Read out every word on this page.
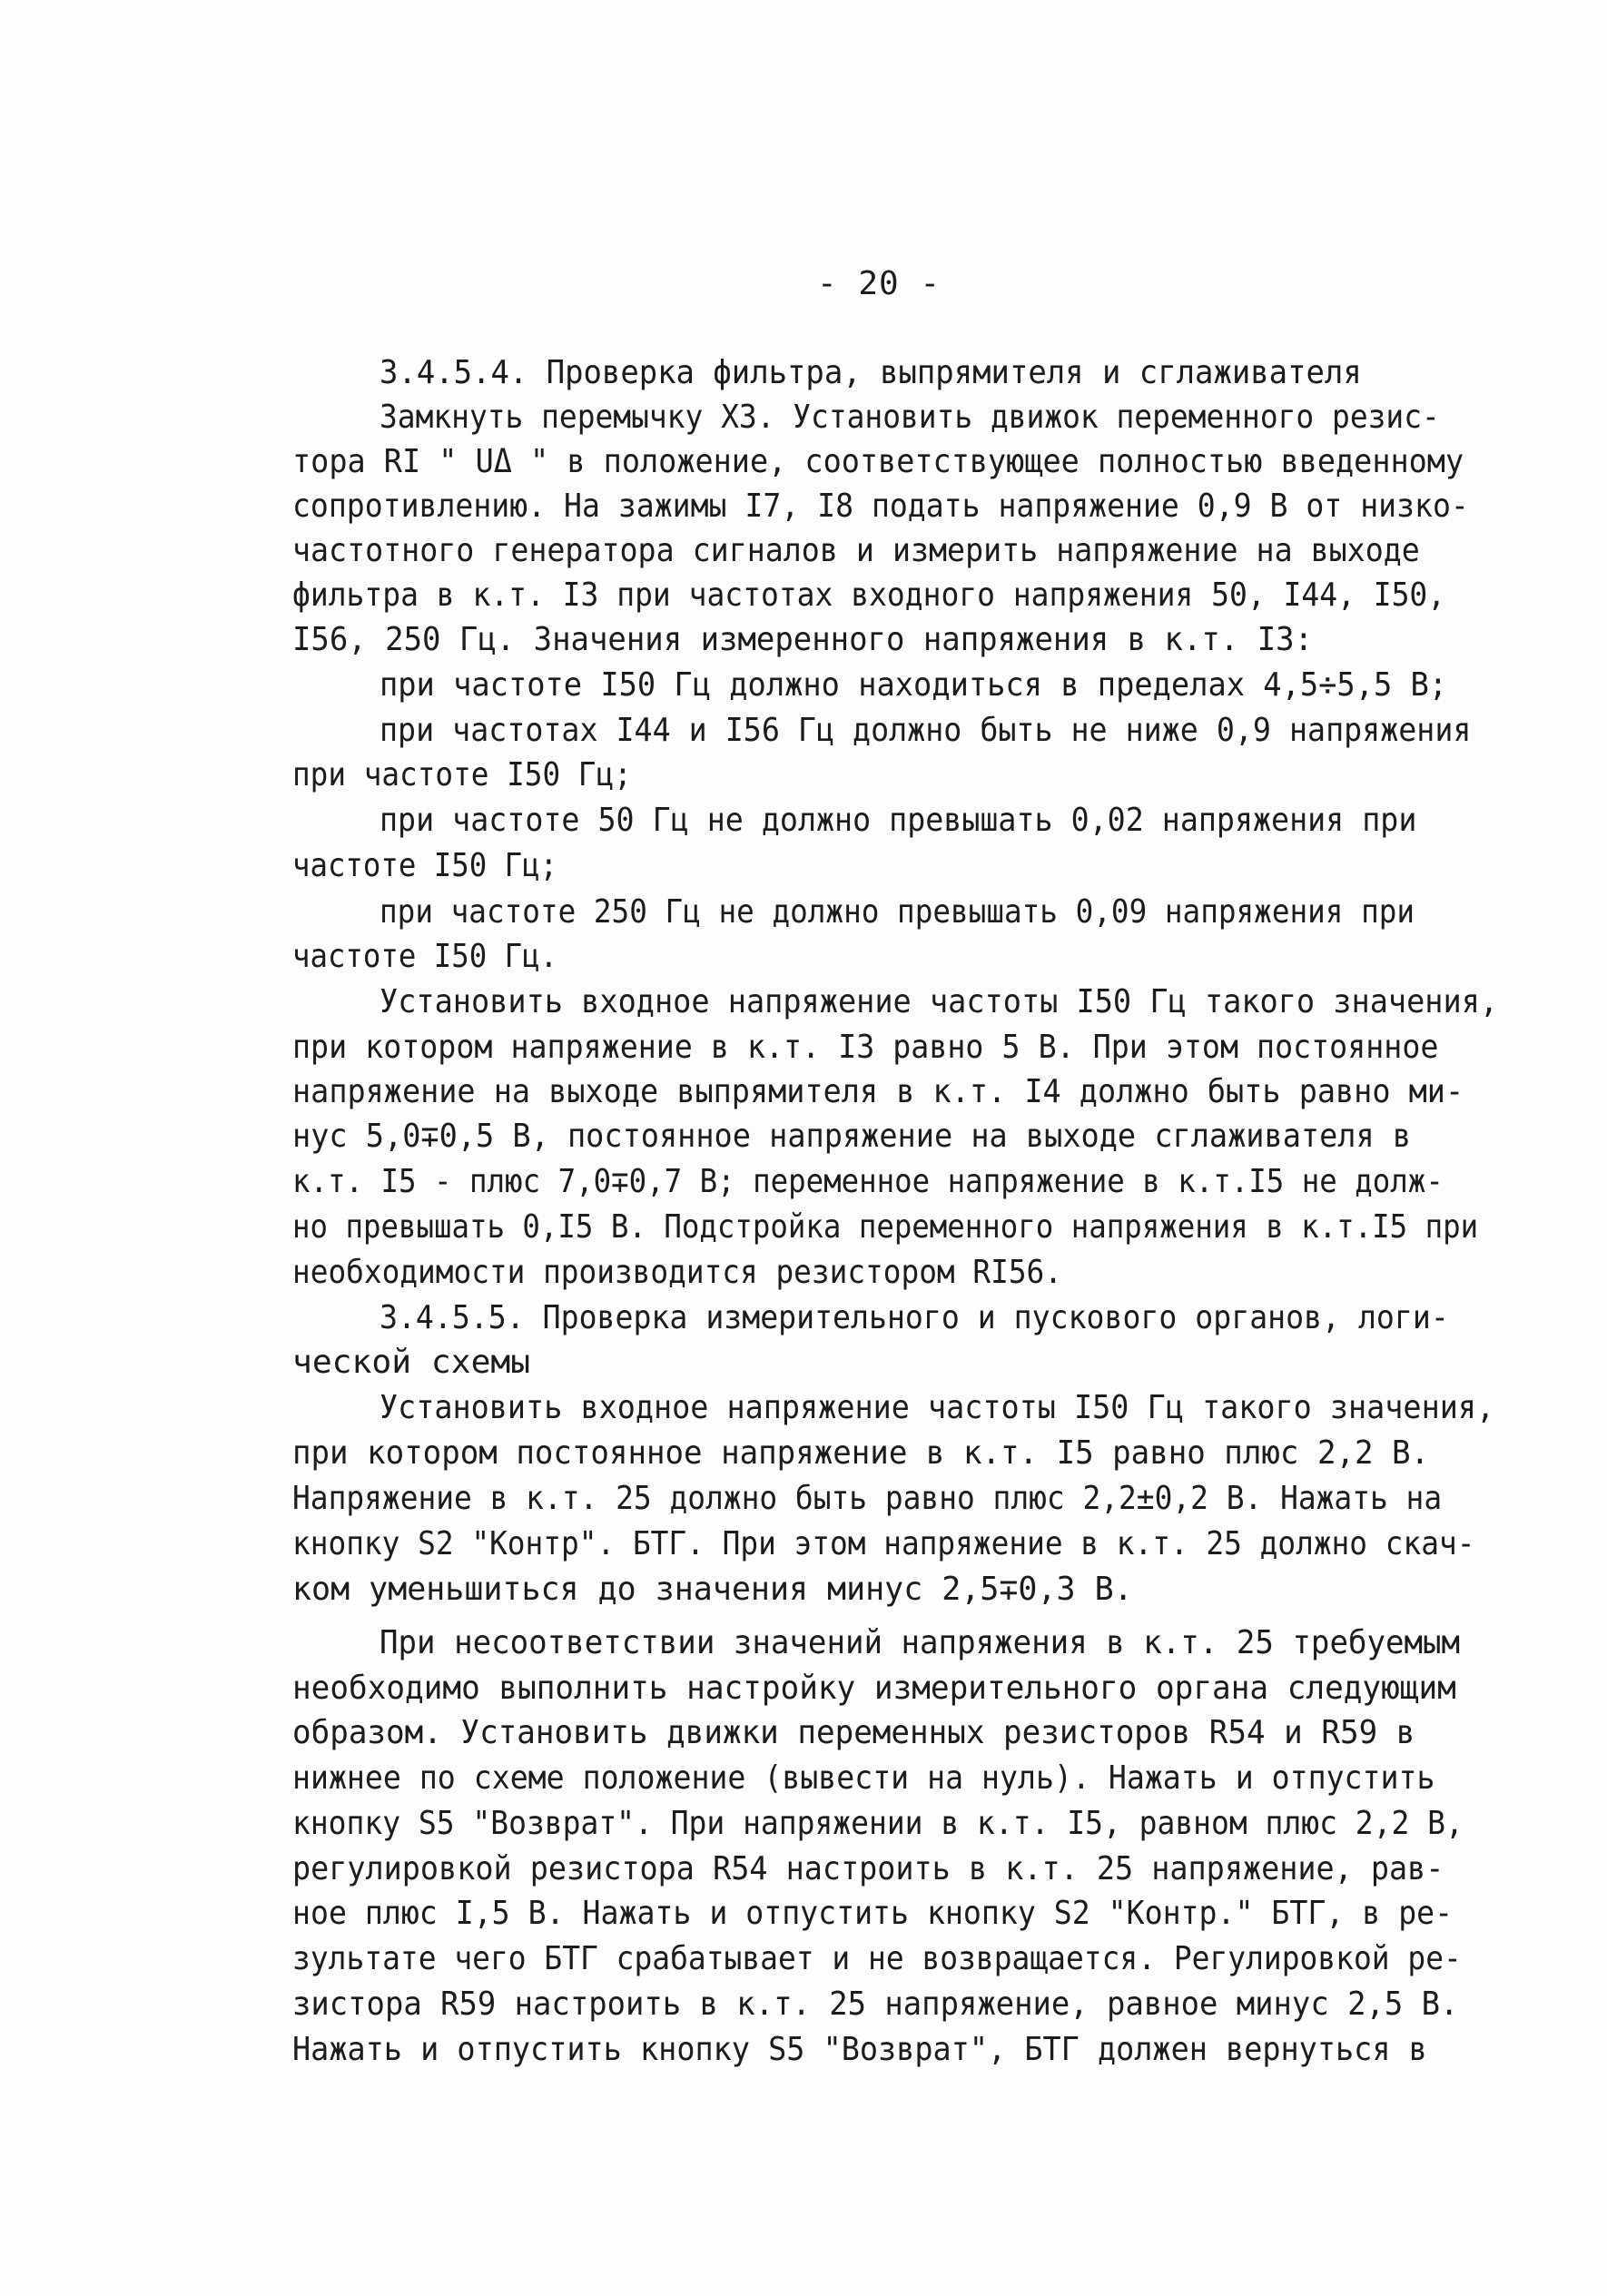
- 20 -
3.4.5.4. Проверка фильтра, выпрямителя и сглаживателя
Замкнуть перемычку ХЗ. Установить движок переменного резис-
тора RI " UΔ " в положение, соответствующее полностью введенному
сопротивлению. На зажимы I7, I8 подать напряжение 0,9 В от низко-
частотного генератора сигналов и измерить напряжение на выходе
фильтра в к.т. I3 при частотах входного напряжения 50, I44, I50,
I56, 250 Гц. Значения измеренного напряжения в к.т. I3:
при частоте I50 Гц должно находиться в пределах 4,5÷5,5 В;
при частотах I44 и I56 Гц должно быть не ниже 0,9 напряжения
при частоте I50 Гц;
при частоте 50 Гц не должно превышать 0,02 напряжения при
частоте I50 Гц;
при частоте 250 Гц не должно превышать 0,09 напряжения при
частоте I50 Гц.
Установить входное напряжение частоты I50 Гц такого значения,
при котором напряжение в к.т. I3 равно 5 В. При этом постоянное
напряжение на выходе выпрямителя в к.т. I4 должно быть равно ми-
нус 5,0∓0,5 В, постоянное напряжение на выходе сглаживателя в
к.т. I5 - плюс 7,0∓0,7 В; переменное напряжение в к.т.I5 не долж-
но превышать 0,I5 В. Подстройка переменного напряжения в к.т.I5 при
необходимости производится резистором RI56.
3.4.5.5. Проверка измерительного и пускового органов, логи-
ческой схемы
Установить входное напряжение частоты I50 Гц такого значения,
при котором постоянное напряжение в к.т. I5 равно плюс 2,2 В.
Напряжение в к.т. 25 должно быть равно плюс 2,2±0,2 В. Нажать на
кнопку S2 "Контр". БТГ. При этом напряжение в к.т. 25 должно скач-
ком уменьшиться до значения минус 2,5∓0,3 В.
При несоответствии значений напряжения в к.т. 25 требуемым
необходимо выполнить настройку измерительного органа следующим
образом. Установить движки переменных резисторов R54 и R59 в
нижнее по схеме положение (вывести на нуль). Нажать и отпустить
кнопку S5 "Возврат". При напряжении в к.т. I5, равном плюс 2,2 В,
регулировкой резистора R54 настроить в к.т. 25 напряжение, рав-
ное плюс I,5 В. Нажать и отпустить кнопку S2 "Контр." БТГ, в ре-
зультате чего БТГ срабатывает и не возвращается. Регулировкой ре-
зистора R59 настроить в к.т. 25 напряжение, равное минус 2,5 В.
Нажать и отпустить кнопку S5 "Возврат", БТГ должен вернуться в
